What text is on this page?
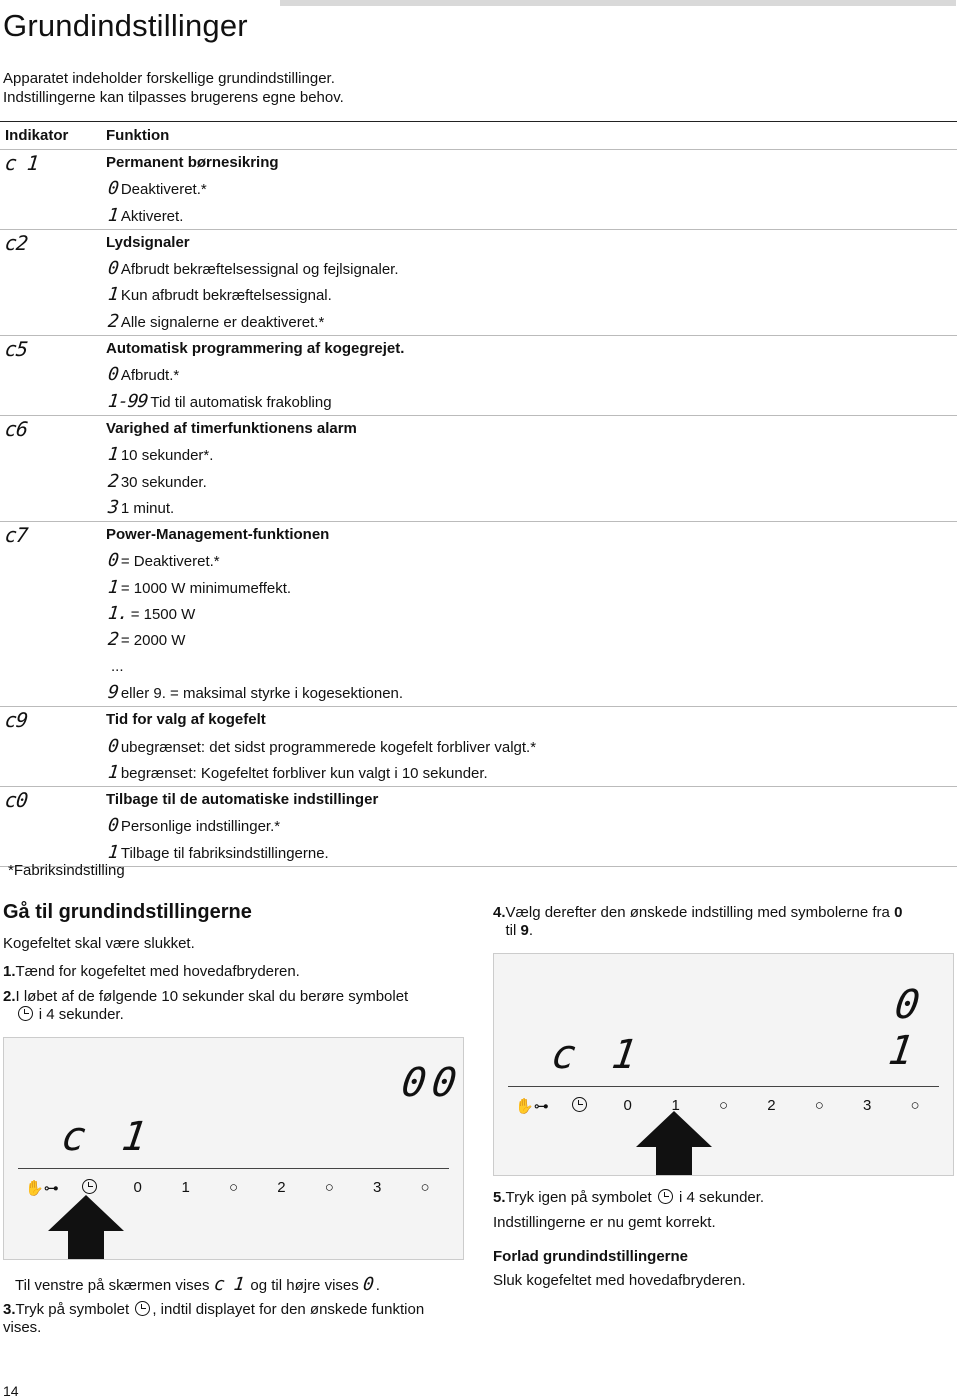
Grundindstillinger

Apparatet indeholder forskellige grundindstillinger.
Indstillingerne kan tilpasses brugerens egne behov.

Indikator	Funktion
c 1	Permanent børnesikring
0 Deaktiveret.*
1 Aktiveret.
c2	Lydsignaler
0 Afbrudt bekræftelsessignal og fejlsignaler.
1 Kun afbrudt bekræftelsessignal.
2 Alle signalerne er deaktiveret.*
c5	Automatisk programmering af kogegrejet.
0 Afbrudt.*
1-99 Tid til automatisk frakobling
c6	Varighed af timerfunktionens alarm
1 10 sekunder*.
2 30 sekunder.
3 1 minut.
c7	Power-Management-funktionen
0 = Deaktiveret.*
1 = 1000 W minimumeffekt.
1. = 1500 W
2 = 2000 W
...
9 eller 9. = maksimal styrke i kogesektionen.
c9	Tid for valg af kogefelt
0 ubegrænset: det sidst programmerede kogefelt forbliver valgt.*
1 begrænset: Kogefeltet forbliver kun valgt i 10 sekunder.
c0	Tilbage til de automatiske indstillinger
0 Personlige indstillinger.*
1 Tilbage til fabriksindstillingerne.
*Fabriksindstilling
Gå til grundindstillingerne

Kogefeltet skal være slukket.

1.Tænd for kogefeltet med hovedafbryderen.

2.I løbet af de følgende 10 sekunder skal du berøre symbolet
i 4 sekunder.

00
c 1
✋⊶	0	1	○	2	○	3	○

Til venstre på skærmen vises c 1 og til højre vises 0 .

3.Tryk på symbolet , indtil displayet for den ønskede funktion vises.

4.Vælg derefter den ønskede indstilling med symbolerne fra 0
til 9.

0 1
c 1
✋⊶	0	1	○	2	○	3	○

5.Tryk igen på symbolet i 4 sekunder.

Indstillingerne er nu gemt korrekt.

Forlad grundindstillingerne

Sluk kogefeltet med hovedafbryderen.

14
